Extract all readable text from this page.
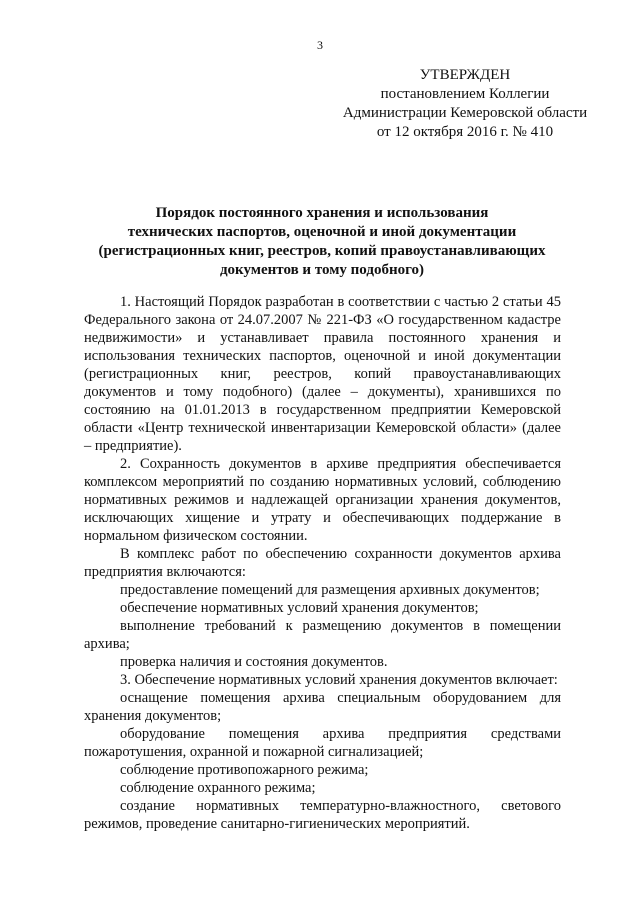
3
УТВЕРЖДЕН
постановлением Коллегии
Администрации Кемеровской области
от 12 октября 2016 г. № 410
Порядок постоянного хранения и использования
технических паспортов, оценочной и иной документации
(регистрационных книг, реестров, копий правоустанавливающих
документов и тому подобного)

1. Настоящий Порядок разработан в соответствии с частью 2 статьи 45 Федерального закона от 24.07.2007 № 221-ФЗ «О государственном кадастре недвижимости» и устанавливает правила постоянного хранения и использования технических паспортов, оценочной и иной документации (регистрационных книг, реестров, копий правоустанавливающих документов и тому подобного) (далее – документы), хранившихся по состоянию на 01.01.2013 в государственном предприятии Кемеровской области «Центр технической инвентаризации Кемеровской области» (далее – предприятие).

2. Сохранность документов в архиве предприятия обеспечивается комплексом мероприятий по созданию нормативных условий, соблюдению нормативных режимов и надлежащей организации хранения документов, исключающих хищение и утрату и обеспечивающих поддержание в нормальном физическом состоянии.

В комплекс работ по обеспечению сохранности документов архива предприятия включаются:

предоставление помещений для размещения архивных документов;

обеспечение нормативных условий хранения документов;

выполнение требований к размещению документов в помещении архива;

проверка наличия и состояния документов.

3. Обеспечение нормативных условий хранения документов включает:

оснащение помещения архива специальным оборудованием для хранения документов;

оборудование помещения архива предприятия средствами пожаротушения, охранной и пожарной сигнализацией;

соблюдение противопожарного режима;

соблюдение охранного режима;

создание нормативных температурно-влажностного, светового режимов, проведение санитарно-гигиенических мероприятий.
